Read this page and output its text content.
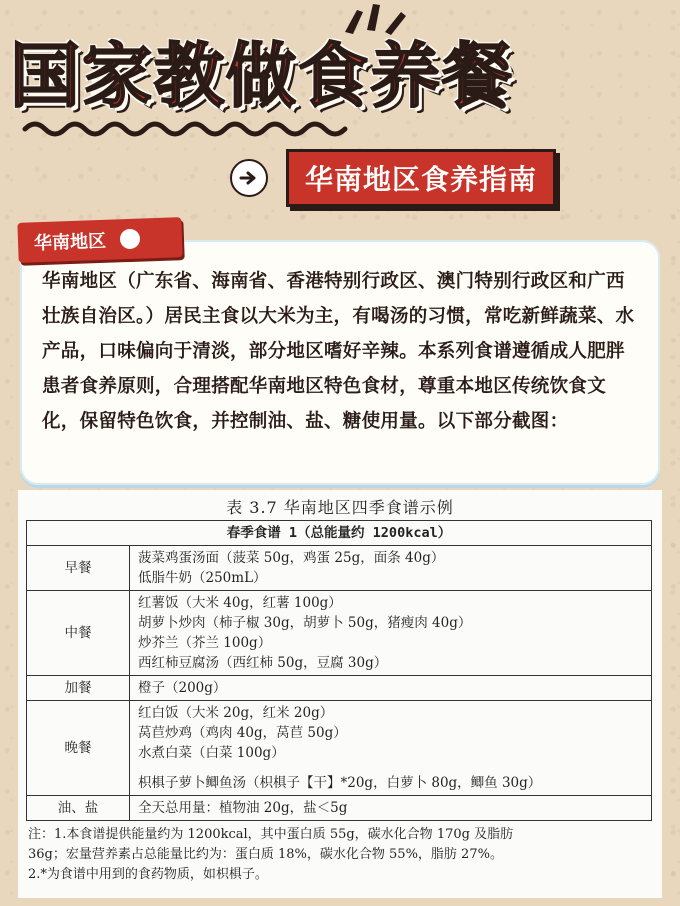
国家教做食养餐
华南地区食养指南
华南地区

华南地区（广东省、海南省、香港特别行政区、澳门特别行政区和广西壮族自治区。）居民主食以大米为主，有喝汤的习惯，常吃新鲜蔬菜、水产品，口味偏向于清淡，部分地区嗜好辛辣。本系列食谱遵循成人肥胖患者食养原则，合理搭配华南地区特色食材，尊重本地区传统饮食文化，保留特色饮食，并控制油、盐、糖使用量。以下部分截图：

表 3.7 华南地区四季食谱示例
春季食谱 1（总能量约 1200kcal）	
早餐	菠菜鸡蛋汤面（菠菜 50g，鸡蛋 25g，面条 40g）
低脂牛奶（250mL）

中餐	红薯饭（大米 40g，红薯 100g）
胡萝卜炒肉（柿子椒 30g，胡萝卜 50g，猪瘦肉 40g）
炒芥兰（芥兰 100g）
西红柿豆腐汤（西红柿 50g，豆腐 30g）

加餐	橙子（200g）

晚餐	红白饭（大米 20g，红米 20g）
莴苣炒鸡（鸡肉 40g，莴苣 50g）
水煮白菜（白菜 100g）
枳椇子萝卜鲫鱼汤（枳椇子【干】*20g，白萝卜 80g，鲫鱼 30g）

油、盐	全天总用量：植物油 20g，盐＜5g
注：1.本食谱提供能量约为 1200kcal，其中蛋白质 55g，碳水化合物 170g 及脂肪
36g；宏量营养素占总能量比约为：蛋白质 18%，碳水化合物 55%，脂肪 27%。
2.*为食谱中用到的食药物质，如枳椇子。
